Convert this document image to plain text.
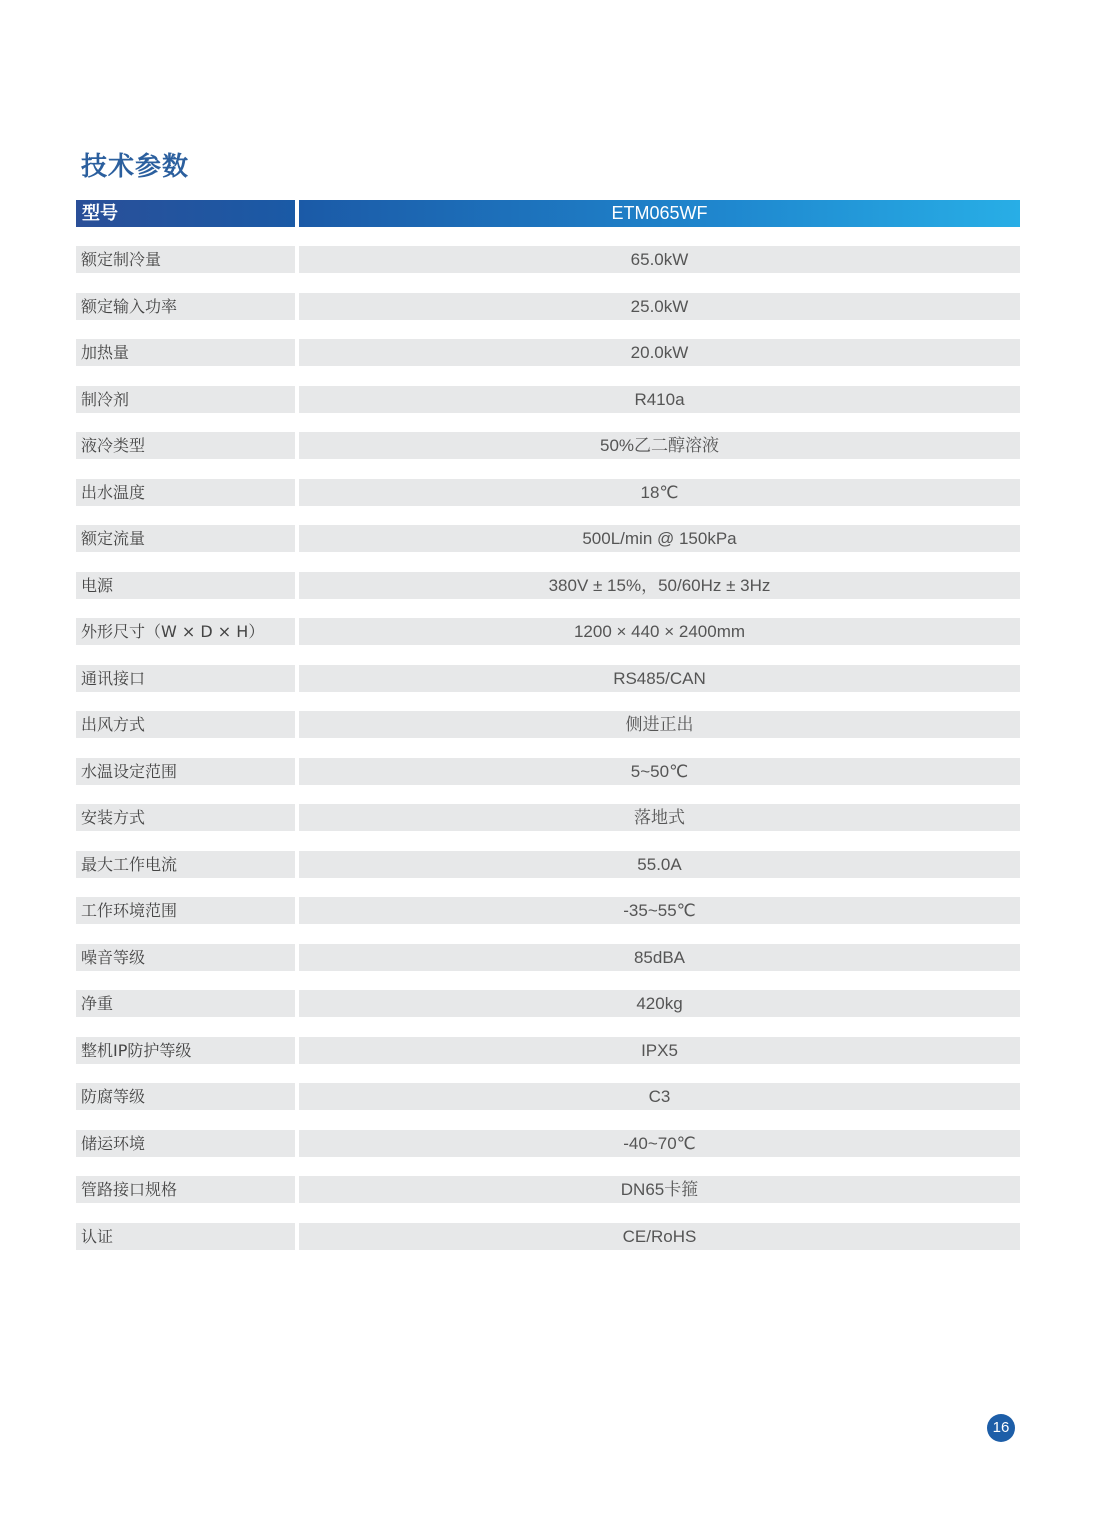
技术参数
型号	ETM065WF
额定制冷量	65.0kW
额定输入功率	25.0kW
加热量	20.0kW
制冷剂	R410a
液冷类型	50%乙二醇溶液
出水温度	18℃
额定流量	500L/min @ 150kPa
电源	380V ± 15%，50/60Hz ± 3Hz
外形尺寸（W × D × H）	1200 × 440 × 2400mm
通讯接口	RS485/CAN
出风方式	侧进正出
水温设定范围	5~50℃
安装方式	落地式
最大工作电流	55.0A
工作环境范围	-35~55℃
噪音等级	85dBA
净重	420kg
整机IP防护等级	IPX5
防腐等级	C3
储运环境	-40~70℃
管路接口规格	DN65卡箍
认证	CE/RoHS
16
